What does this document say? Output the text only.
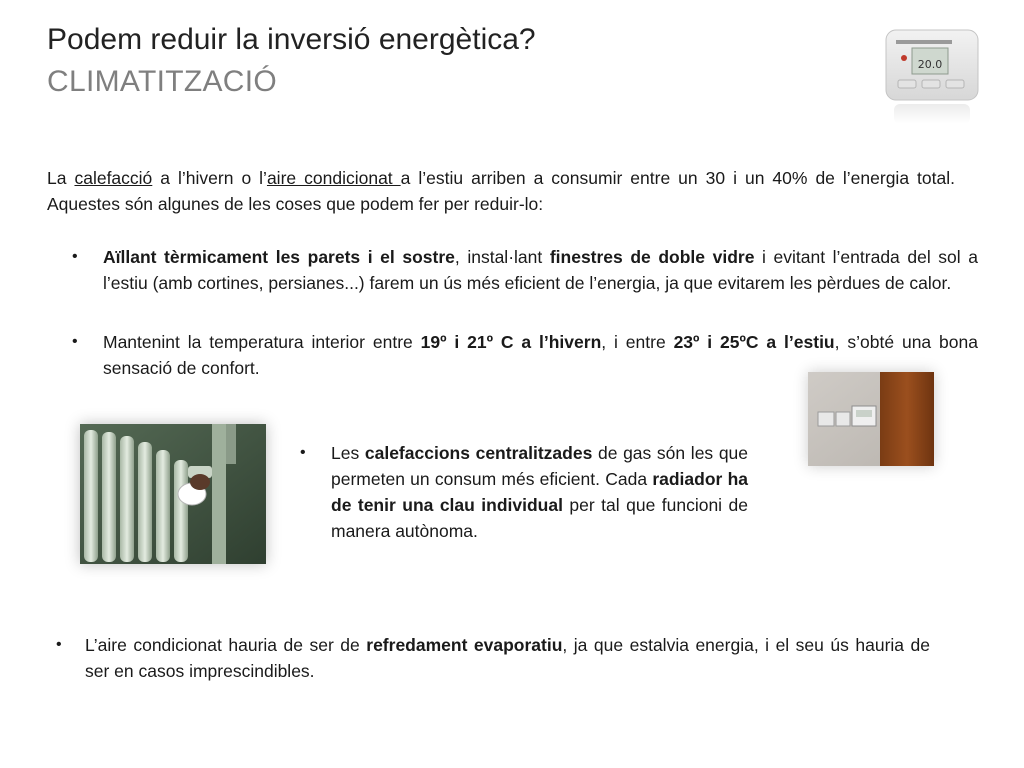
Podem reduir la inversió energètica?
CLIMATITZACIÓ
20.0
La calefacció a l’hivern o l’aire condicionat a l’estiu arriben a consumir entre un 30 i un 40% de l’energia total. Aquestes són algunes de les coses que podem fer per reduir-lo:
• Aïllant tèrmicament les parets i el sostre, instal·lant finestres de doble vidre i evitant l’entrada del sol a l’estiu (amb cortines, persianes...) farem un ús més eficient de l’energia, ja que evitarem les pèrdues de calor.
• Mantenint la temperatura interior entre 19º i 21º C a l’hivern, i entre 23º i 25ºC a l’estiu, s’obté una bona sensació de confort.
• Les calefaccions centralitzades de gas són les que permeten un consum més eficient. Cada radiador ha de tenir una clau individual per tal que funcioni de manera autònoma.
• L’aire condicionat hauria de ser de refredament evaporatiu, ja que estalvia energia, i el seu ús hauria de ser en casos imprescindibles.
